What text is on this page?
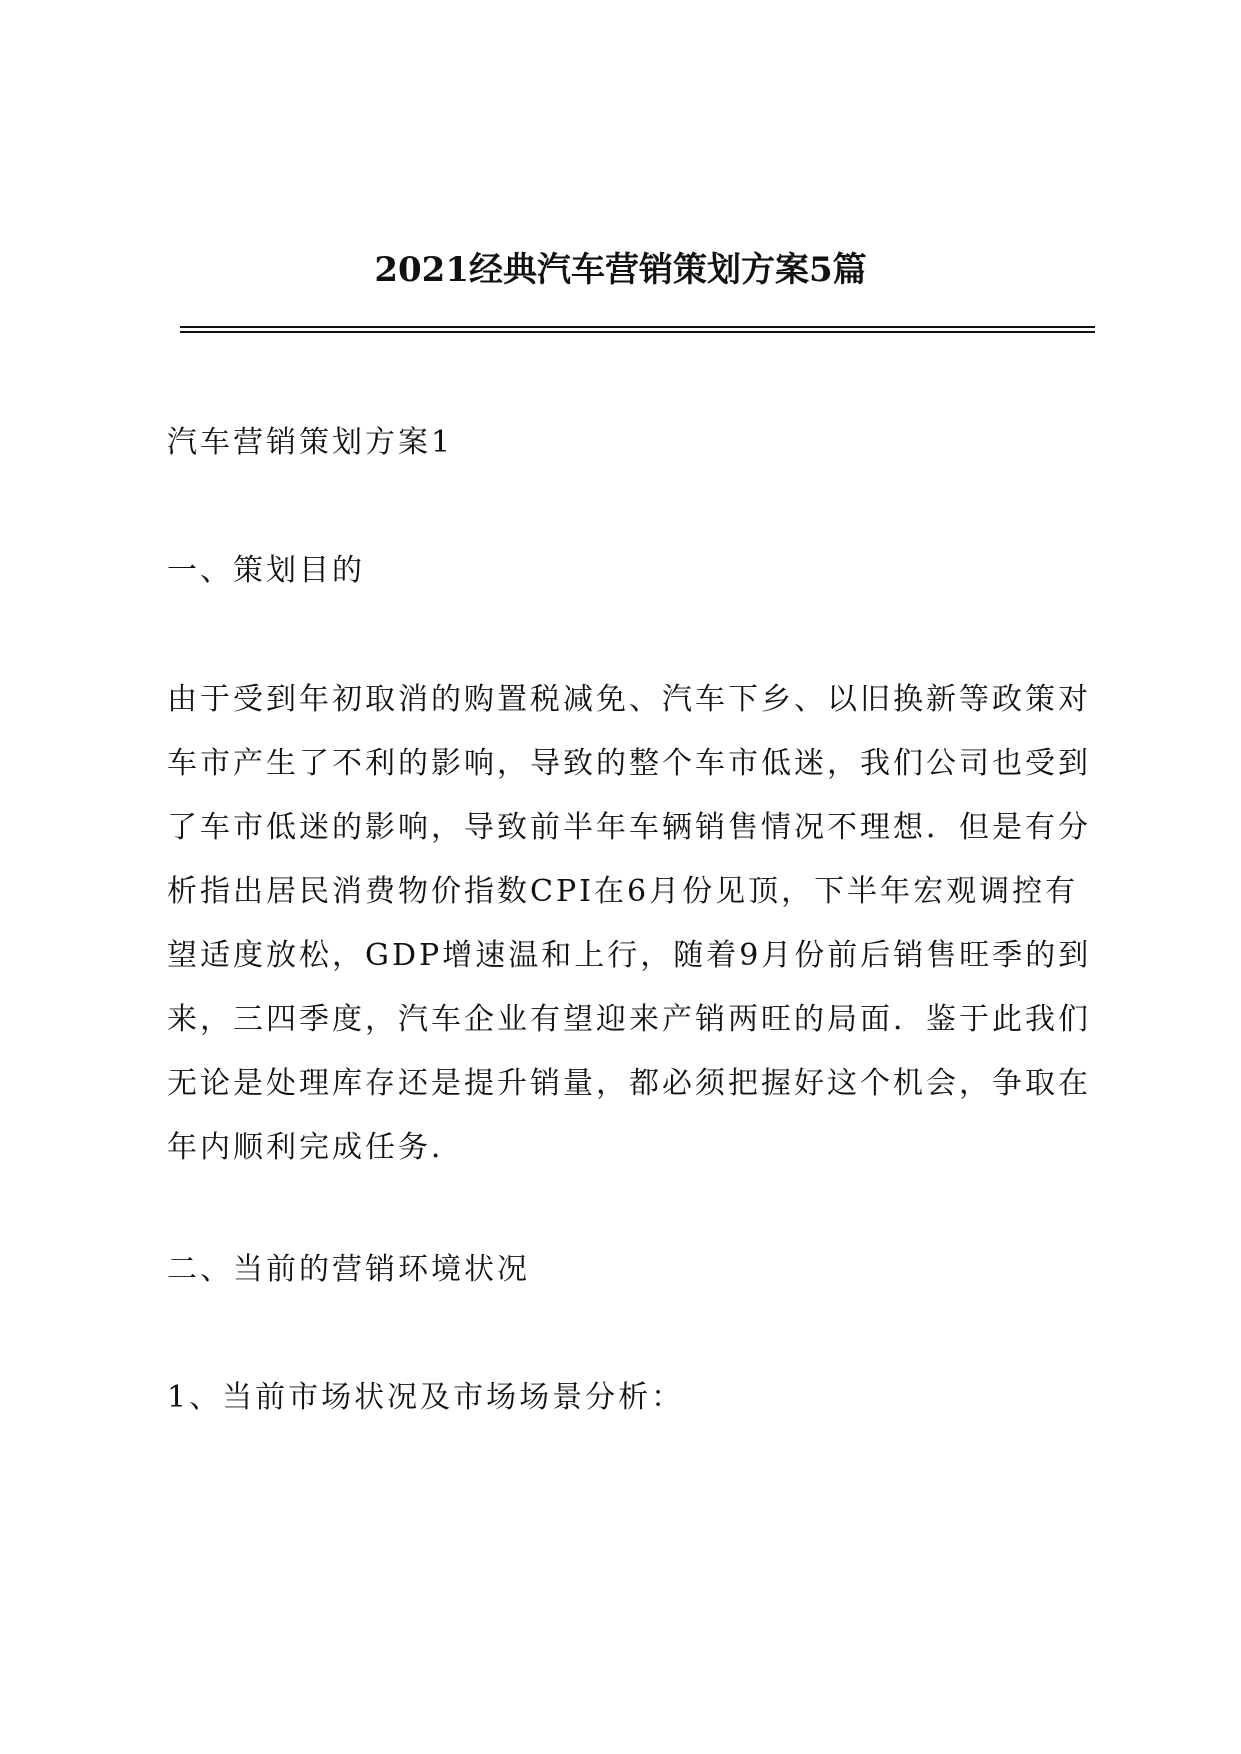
2021经典汽车营销策划方案5篇
汽车营销策划方案1
一、策划目的
由于受到年初取消的购置税减免、汽车下乡、以旧换新等政策对
车市产生了不利的影响，导致的整个车市低迷，我们公司也受到
了车市低迷的影响，导致前半年车辆销售情况不理想．但是有分
析指出居民消费物价指数CPI在6月份见顶，下半年宏观调控有
望适度放松，GDP增速温和上行，随着9月份前后销售旺季的到
来，三四季度，汽车企业有望迎来产销两旺的局面．鉴于此我们
无论是处理库存还是提升销量，都必须把握好这个机会，争取在
年内顺利完成任务．
二、当前的营销环境状况
1、当前市场状况及市场场景分析：
